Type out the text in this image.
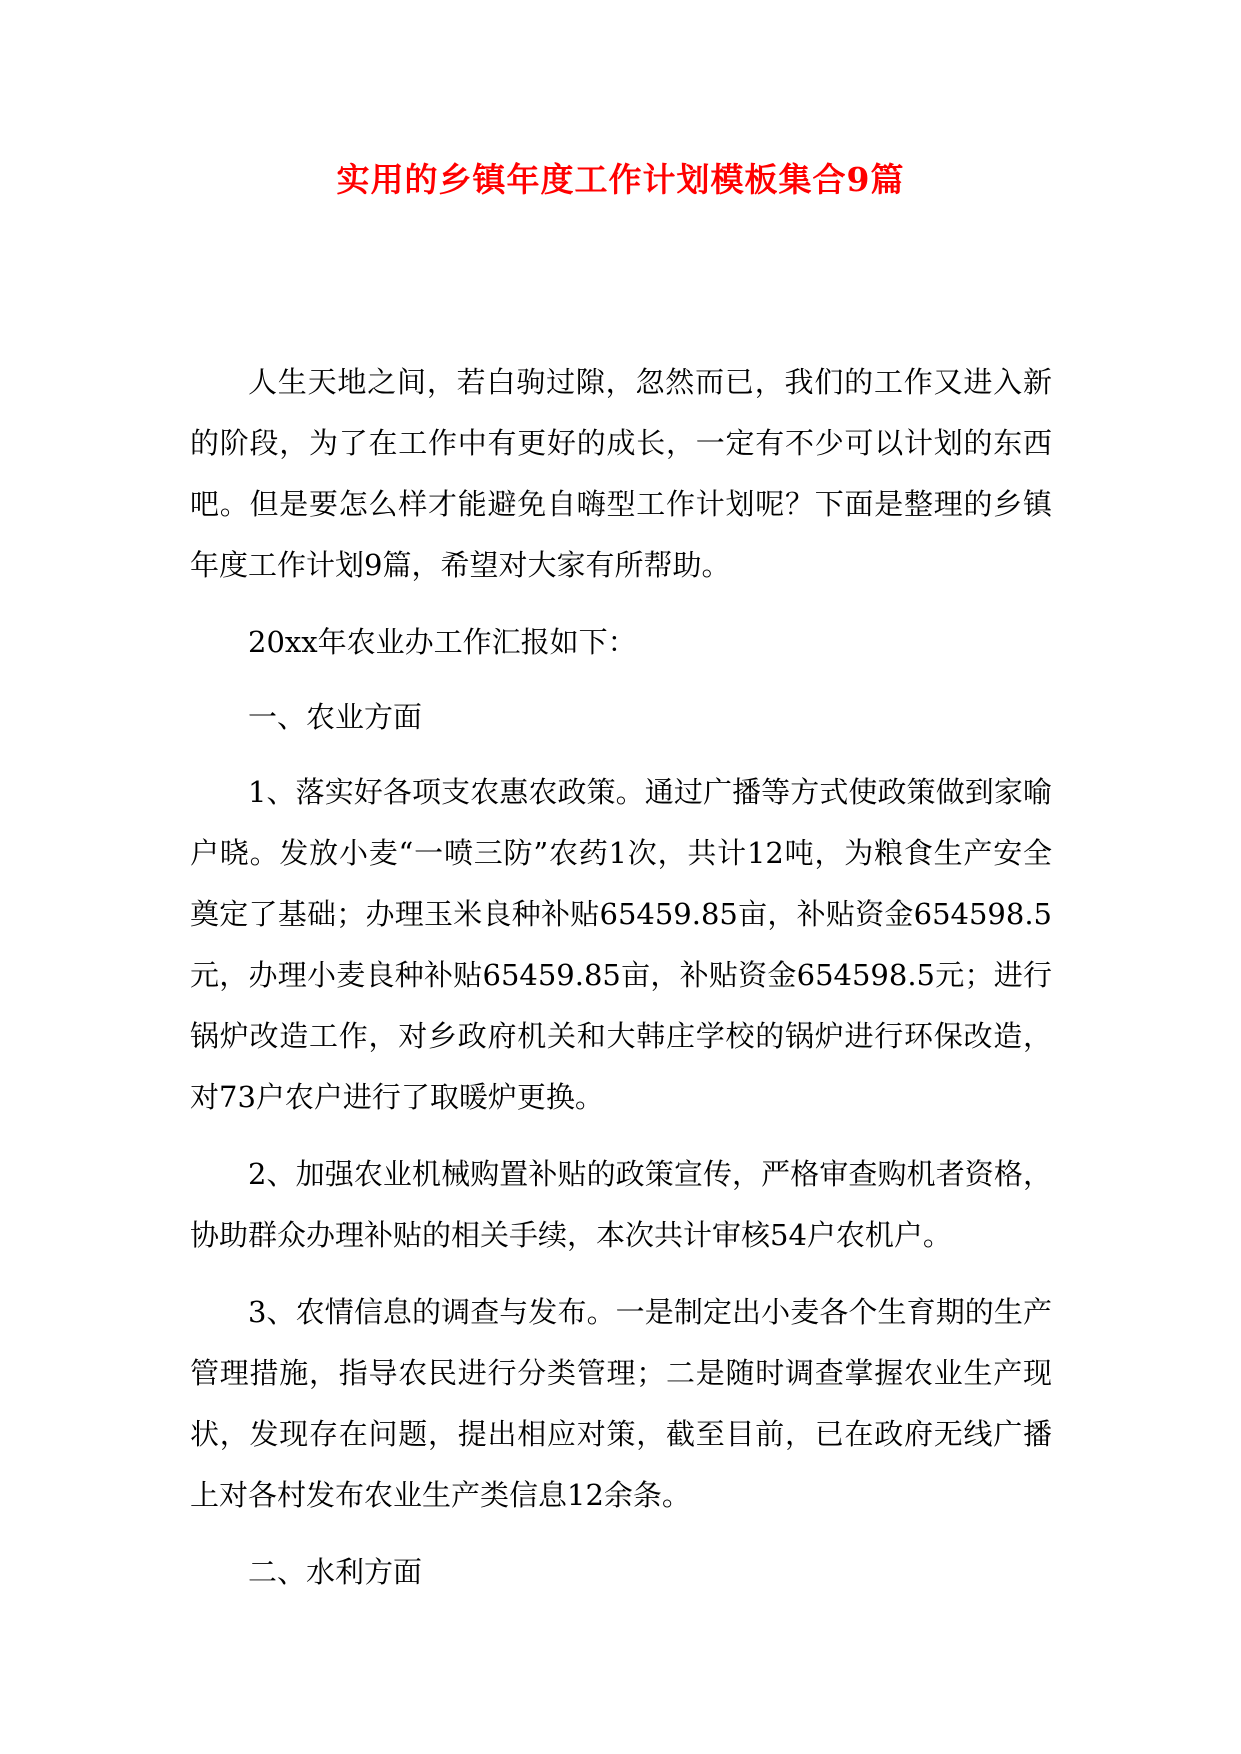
实用的乡镇年度工作计划模板集合9篇

人生天地之间，若白驹过隙，忽然而已，我们的工作又进入新的阶段，为了在工作中有更好的成长，一定有不少可以计划的东西吧。但是要怎么样才能避免自嗨型工作计划呢？下面是整理的乡镇年度工作计划9篇，希望对大家有所帮助。

20xx年农业办工作汇报如下：

一、农业方面

1、落实好各项支农惠农政策。通过广播等方式使政策做到家喻户晓。发放小麦“一喷三防”农药1次，共计12吨，为粮食生产安全奠定了基础；办理玉米良种补贴65459.85亩，补贴资金654598.5元，办理小麦良种补贴65459.85亩，补贴资金654598.5元；进行锅炉改造工作，对乡政府机关和大韩庄学校的锅炉进行环保改造，对73户农户进行了取暖炉更换。

2、加强农业机械购置补贴的政策宣传，严格审查购机者资格，协助群众办理补贴的相关手续，本次共计审核54户农机户。

3、农情信息的调查与发布。一是制定出小麦各个生育期的生产管理措施，指导农民进行分类管理；二是随时调查掌握农业生产现状，发现存在问题，提出相应对策，截至目前，已在政府无线广播上对各村发布农业生产类信息12余条。

二、水利方面
